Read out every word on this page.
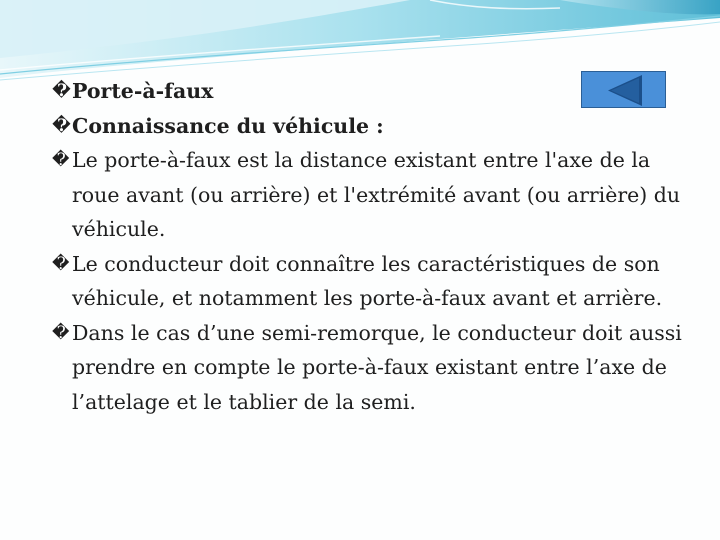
� Porte-à-faux
� Connaissance du véhicule :
� Le porte-à-faux est la distance existant entre l'axe de la roue avant (ou arrière) et l'extrémité avant (ou arrière) du véhicule.
� Le conducteur doit connaître les caractéristiques de son véhicule, et notamment les porte-à-faux avant et arrière.
� Dans le cas d’une semi-remorque, le conducteur doit aussi prendre en compte le porte-à-faux existant entre l’axe de l’attelage et le tablier de la semi.
